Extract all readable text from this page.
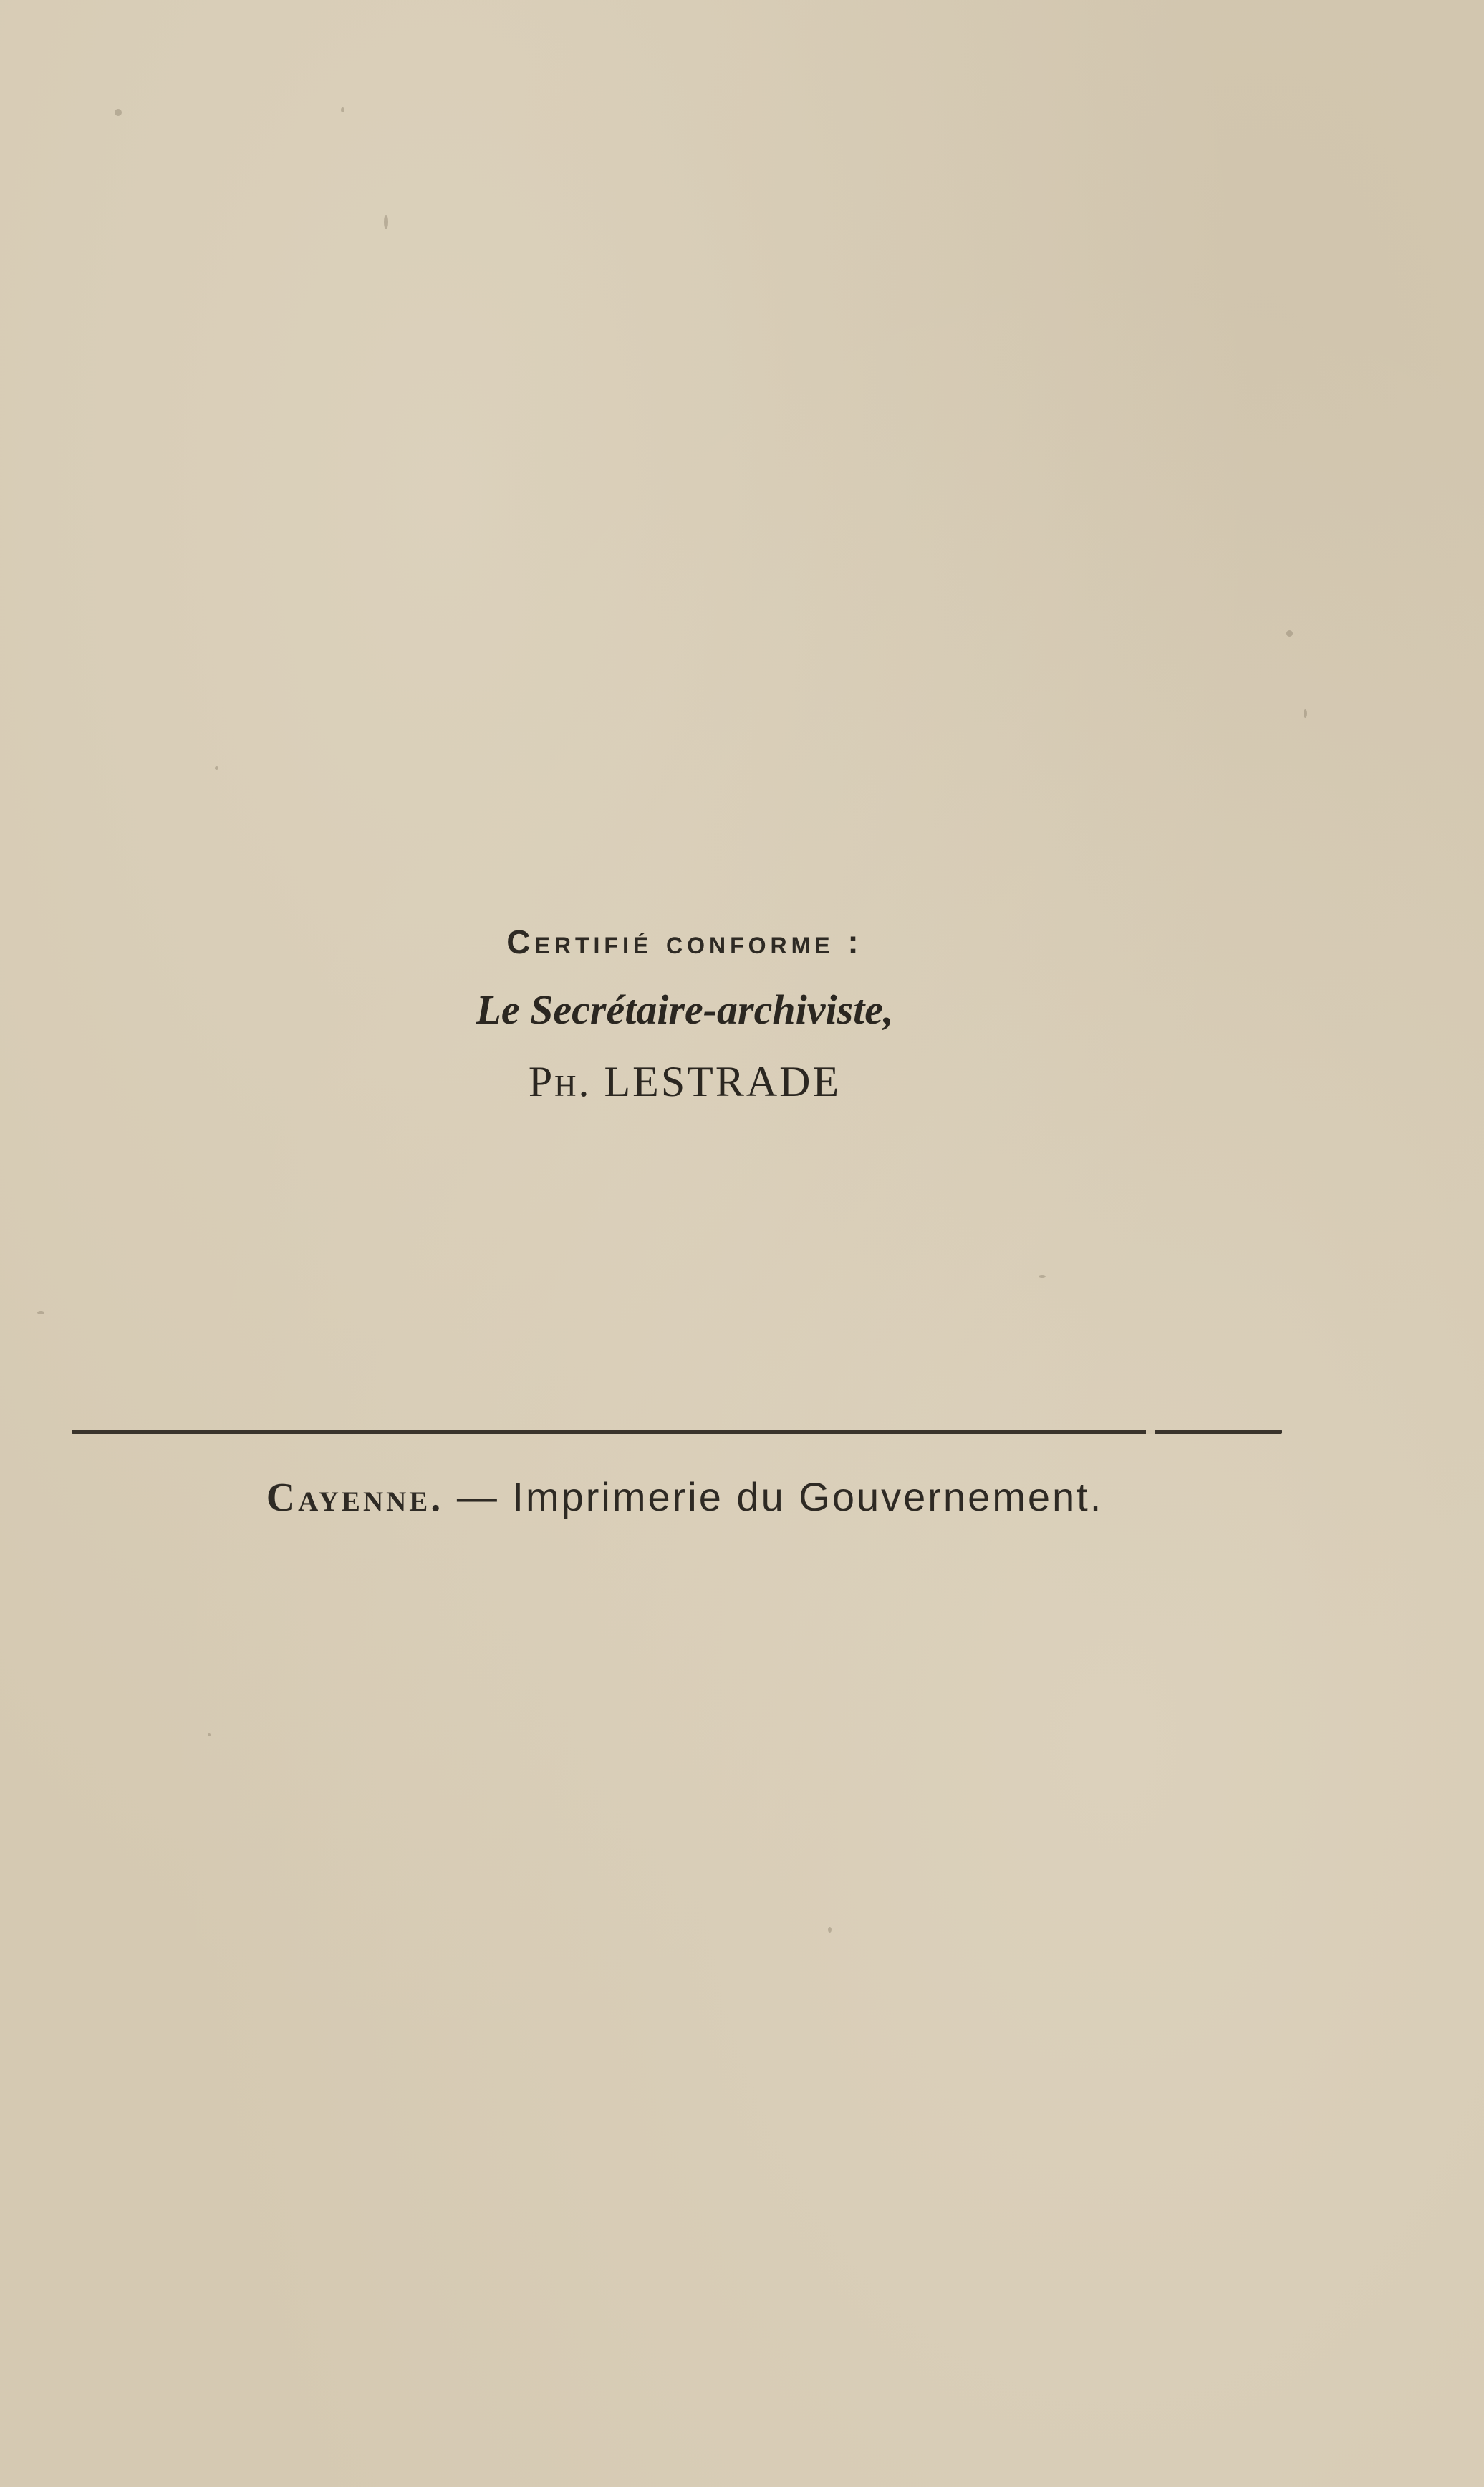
Certifié conforme :
Le Secrétaire-archiviste,
Ph. LESTRADE
Cayenne. — Imprimerie du Gouvernement.
